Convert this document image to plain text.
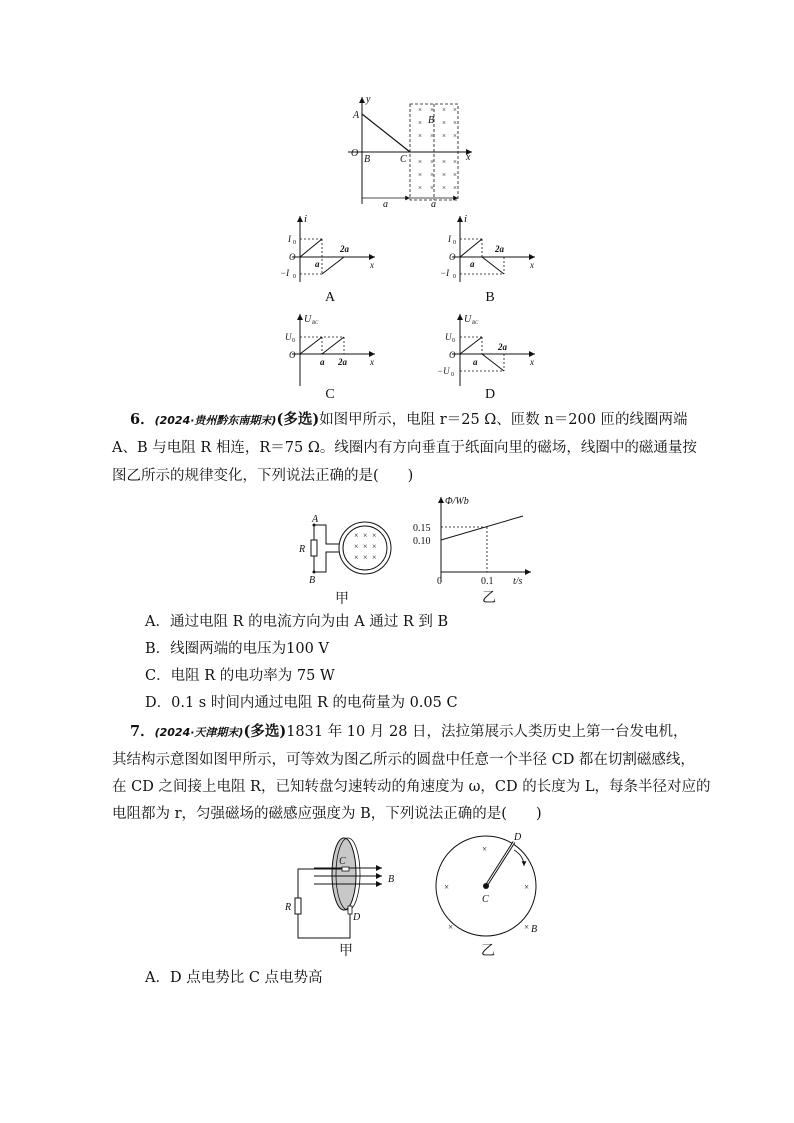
× × × ×
×	× ×
× × × ×
× × × ×
× × × ×
× × × ×
y
A
O
B	C	x
B
a	a
i
I 0
O
−I 0
a
2a
x
A
i
I 0
O
−I 0
a
2a
x
B
U BC
U 0
O
a 2a	x
C
U BC
U 0
O
−U 0
a
2a
x
D
6．(2024·贵州黔东南期末)(多选)如图甲所示，电阻 r＝25 Ω、匝数 n＝200 匝的线圈两端
A、B 与电阻 R 相连，R＝75 Ω。线圈内有方向垂直于纸面向里的磁场，线圈中的磁通量按
图乙所示的规律变化，下列说法正确的是(　　)
× × ×
× × ×
× × ×
A
B
R
甲
Φ/Wb
0.15
0.10
0	0.1 t/s
乙
A．通过电阻 R 的电流方向为由 A 通过 R 到 B
B．线圈两端的电压为100 V
C．电阻 R 的电功率为 75 W
D．0.1 s 时间内通过电阻 R 的电荷量为 0.05 C
7．(2024·天津期末)(多选)1831 年 10 月 28 日，法拉第展示人类历史上第一台发电机，
其结构示意图如图甲所示，可等效为图乙所示的圆盘中任意一个半径 CD 都在切割磁感线，
在 CD 之间接上电阻 R，已知转盘匀速转动的角速度为 ω，CD 的长度为 L，每条半径对应的
电阻都为 r，匀强磁场的磁感应强度为 B，下列说法正确的是(　　)
C
D
B
R
甲
×
×	×
×	×
D
C
B
乙
A．D 点电势比 C 点电势高
